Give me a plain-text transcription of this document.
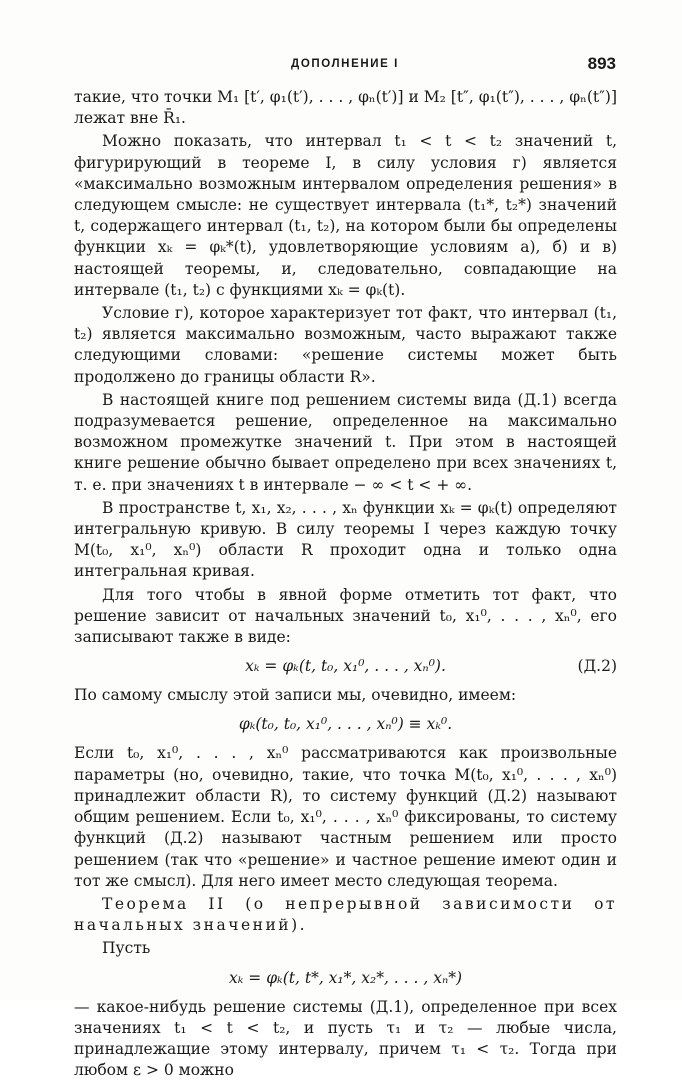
ДОПОЛНЕНИЕ I	893

такие, что точки M₁ [t′, φ₁(t′), . . . , φₙ(t′)] и M₂ [t″, φ₁(t″), . . . , φₙ(t″)] лежат вне R̄₁.

Можно показать, что интервал t₁ < t < t₂ значений t, фигурирующий в теореме I, в силу условия г) является «максимально возможным интервалом определения решения» в следующем смысле: не существует интервала (t₁*, t₂*) значений t, содержащего интервал (t₁, t₂), на котором были бы определены функции xₖ = φₖ*(t), удовлетворяющие условиям а), б) и в) настоящей теоремы, и, следовательно, совпадающие на интервале (t₁, t₂) с функциями xₖ = φₖ(t).

Условие г), которое характеризует тот факт, что интервал (t₁, t₂) является максимально возможным, часто выражают также следующими словами: «решение системы может быть продолжено до границы области R».

В настоящей книге под решением системы вида (Д.1) всегда подразумевается решение, определенное на максимально возможном промежутке значений t. При этом в настоящей книге решение обычно бывает определено при всех значениях t, т. е. при значениях t в интервале − ∞ < t < + ∞.

В пространстве t, x₁, x₂, . . . , xₙ функции xₖ = φₖ(t) определяют интегральную кривую. В силу теоремы I через каждую точку M(t₀, x₁⁰, xₙ⁰) области R проходит одна и только одна интегральная кривая.

Для того чтобы в явной форме отметить тот факт, что решение зависит от начальных значений t₀, x₁⁰, . . . , xₙ⁰, его записывают также в виде:

xₖ = φₖ(t, t₀, x₁⁰, . . . , xₙ⁰).	(Д.2)

По самому смыслу этой записи мы, очевидно, имеем:

φₖ(t₀, t₀, x₁⁰, . . . , xₙ⁰) ≡ xₖ⁰.

Если t₀, x₁⁰, . . . , xₙ⁰ рассматриваются как произвольные параметры (но, очевидно, такие, что точка M(t₀, x₁⁰, . . . , xₙ⁰) принадлежит области R), то систему функций (Д.2) называют общим решением. Если t₀, x₁⁰, . . . , xₙ⁰ фиксированы, то систему функций (Д.2) называют частным решением или просто решением (так что «решение» и частное решение имеют один и тот же смысл). Для него имеет место следующая теорема.

Теорема II (о непрерывной зависимости от начальных значений).

Пусть

xₖ = φₖ(t, t*, x₁*, x₂*, . . . , xₙ*)

— какое-нибудь решение системы (Д.1), определенное при всех значениях t₁ < t < t₂, и пусть τ₁ и τ₂ — любые числа, принадлежащие этому интервалу, причем τ₁ < τ₂. Тогда при любом ε > 0 можно
